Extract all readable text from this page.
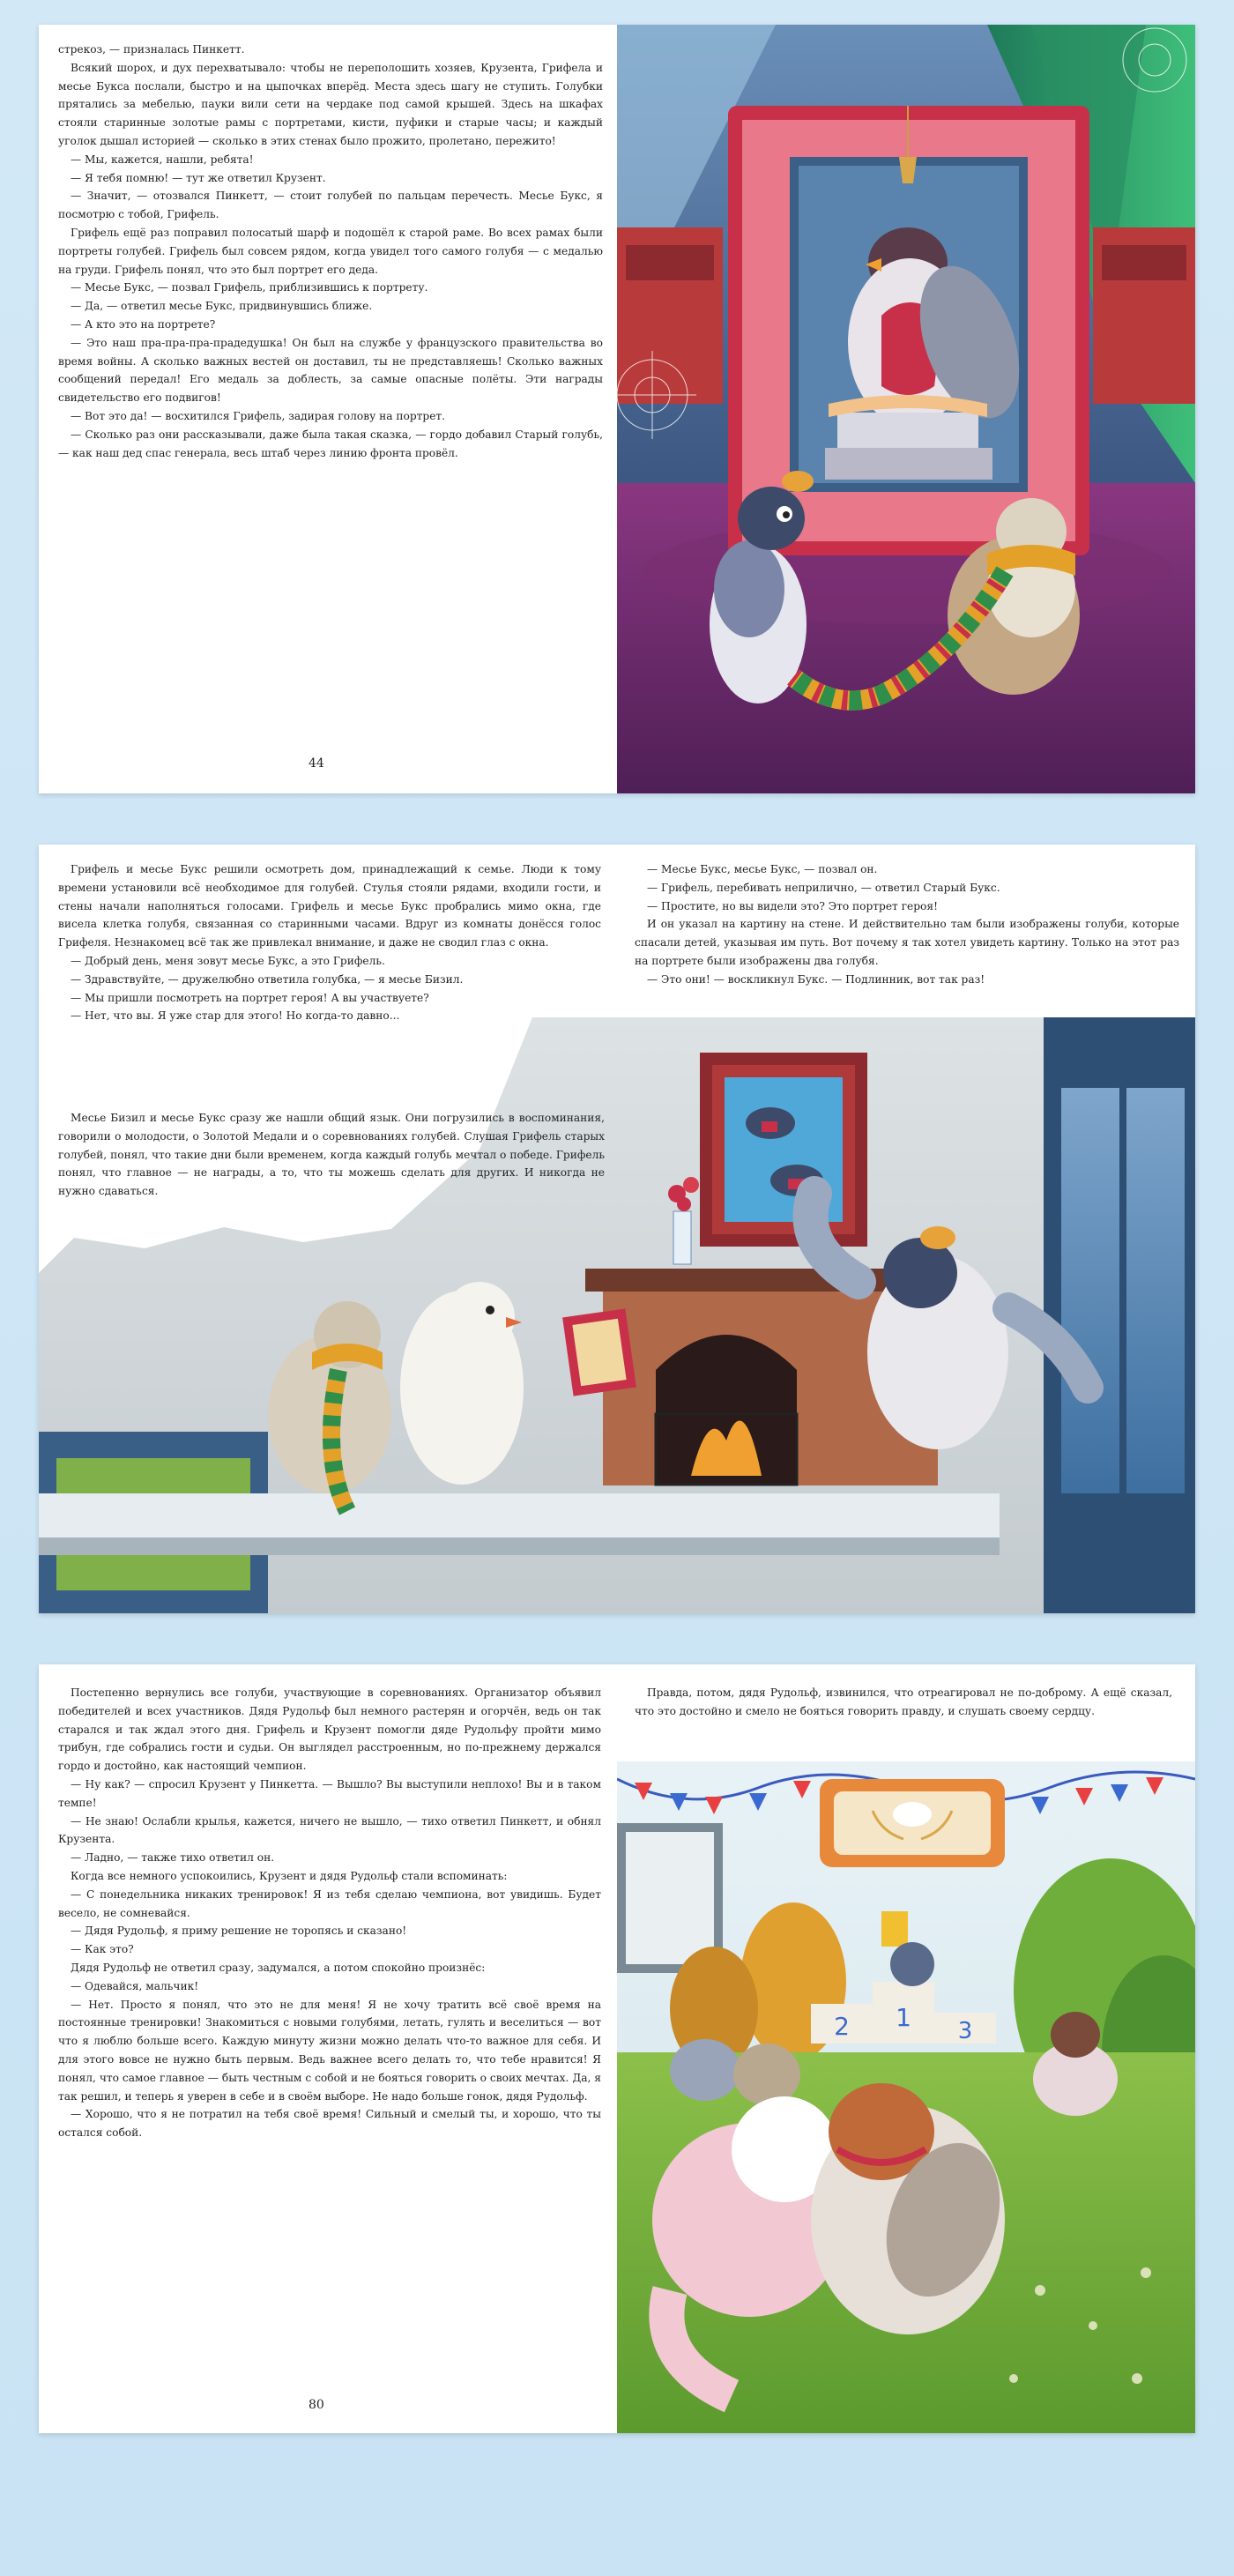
стрекоз, — призналась Пинкетт.

Всякий шорох, и дух перехватывало: чтобы не переполошить хозяев, Крузента, Грифела и месье Букса послали, быстро и на цыпочках вперёд. Места здесь шагу не ступить. Голубки прятались за мебелью, пауки вили сети на чердаке под самой крышей. Здесь на шкафах стояли старинные золотые рамы с портретами, кисти, пуфики и старые часы; и каждый уголок дышал историей — сколько в этих стенах было прожито, пролетано, пережито!

— Мы, кажется, нашли, ребята!

— Я тебя помню! — тут же ответил Крузент.

— Значит, — отозвался Пинкетт, — стоит голубей по пальцам перечесть. Месье Букс, я посмотрю с тобой, Грифель.

Грифель ещё раз поправил полосатый шарф и подошёл к старой раме. Во всех рамах были портреты голубей. Грифель был совсем рядом, когда увидел того самого голубя — с медалью на груди. Грифель понял, что это был портрет его деда.

— Месье Букс, — позвал Грифель, приблизившись к портрету.

— Да, — ответил месье Букс, придвинувшись ближе.

— А кто это на портрете?

— Это наш пра-пра-пра-прадедушка! Он был на службе у французского правительства во время войны. А сколько важных вестей он доставил, ты не представляешь! Сколько важных сообщений передал! Его медаль за доблесть, за самые опасные полёты. Эти награды свидетельство его подвигов!

— Вот это да! — восхитился Грифель, задирая голову на портрет.

— Сколько раз они рассказывали, даже была такая сказка, — гордо добавил Старый голубь, — как наш дед спас генерала, весь штаб через линию фронта провёл.

44

Грифель и месье Букс решили осмотреть дом, принадлежащий к семье. Люди к тому времени установили всё необходимое для голубей. Стулья стояли рядами, входили гости, и стены начали наполняться голосами. Грифель и месье Букс пробрались мимо окна, где висела клетка голубя, связанная со старинными часами. Вдруг из комнаты донёсся голос Грифеля. Незнакомец всё так же привлекал внимание, и даже не сводил глаз с окна.

— Добрый день, меня зовут месье Букс, а это Грифель.

— Здравствуйте, — дружелюбно ответила голубка, — я месье Бизил.

— Мы пришли посмотреть на портрет героя! А вы участвуете?

— Нет, что вы. Я уже стар для этого! Но когда-то давно...

— Месье Букс, месье Букс, — позвал он.

— Грифель, перебивать неприлично, — ответил Старый Букс.

— Простите, но вы видели это? Это портрет героя!

И он указал на картину на стене. И действительно там были изображены голуби, которые спасали детей, указывая им путь. Вот почему я так хотел увидеть картину. Только на этот раз на портрете были изображены два голубя.

— Это они! — воскликнул Букс. — Подлинник, вот так раз!

Месье Бизил и месье Букс сразу же нашли общий язык. Они погрузились в воспоминания, говорили о молодости, о Золотой Медали и о соревнованиях голубей. Слушая Грифель старых голубей, понял, что такие дни были временем, когда каждый голубь мечтал о победе. Грифель понял, что главное — не награды, а то, что ты можешь сделать для других. И никогда не нужно сдаваться.

Постепенно вернулись все голуби, участвующие в соревнованиях. Организатор объявил победителей и всех участников. Дядя Рудольф был немного растерян и огорчён, ведь он так старался и так ждал этого дня. Грифель и Крузент помогли дяде Рудольфу пройти мимо трибун, где собрались гости и судьи. Он выглядел расстроенным, но по-прежнему держался гордо и достойно, как настоящий чемпион.

— Ну как? — спросил Крузент у Пинкетта. — Вышло? Вы выступили неплохо! Вы и в таком темпе!

— Не знаю! Ослабли крылья, кажется, ничего не вышло, — тихо ответил Пинкетт, и обнял Крузента.

— Ладно, — также тихо ответил он.

Когда все немного успокоились, Крузент и дядя Рудольф стали вспоминать:

— С понедельника никаких тренировок! Я из тебя сделаю чемпиона, вот увидишь. Будет весело, не сомневайся.

— Дядя Рудольф, я приму решение не торопясь и сказано!

— Как это?

Дядя Рудольф не ответил сразу, задумался, а потом спокойно произнёс:

— Одевайся, мальчик!

— Нет. Просто я понял, что это не для меня! Я не хочу тратить всё своё время на постоянные тренировки! Знакомиться с новыми голубями, летать, гулять и веселиться — вот что я люблю больше всего. Каждую минуту жизни можно делать что-то важное для себя. И для этого вовсе не нужно быть первым. Ведь важнее всего делать то, что тебе нравится! Я понял, что самое главное — быть честным с собой и не бояться говорить о своих мечтах. Да, я так решил, и теперь я уверен в себе и в своём выборе. Не надо больше гонок, дядя Рудольф.

— Хорошо, что я не потратил на тебя своё время! Сильный и смелый ты, и хорошо, что ты остался собой.

80

Правда, потом, дядя Рудольф, извинился, что отреагировал не по-доброму. А ещё сказал, что это достойно и смело не бояться говорить правду, и слушать своему сердцу.

1
2	3
